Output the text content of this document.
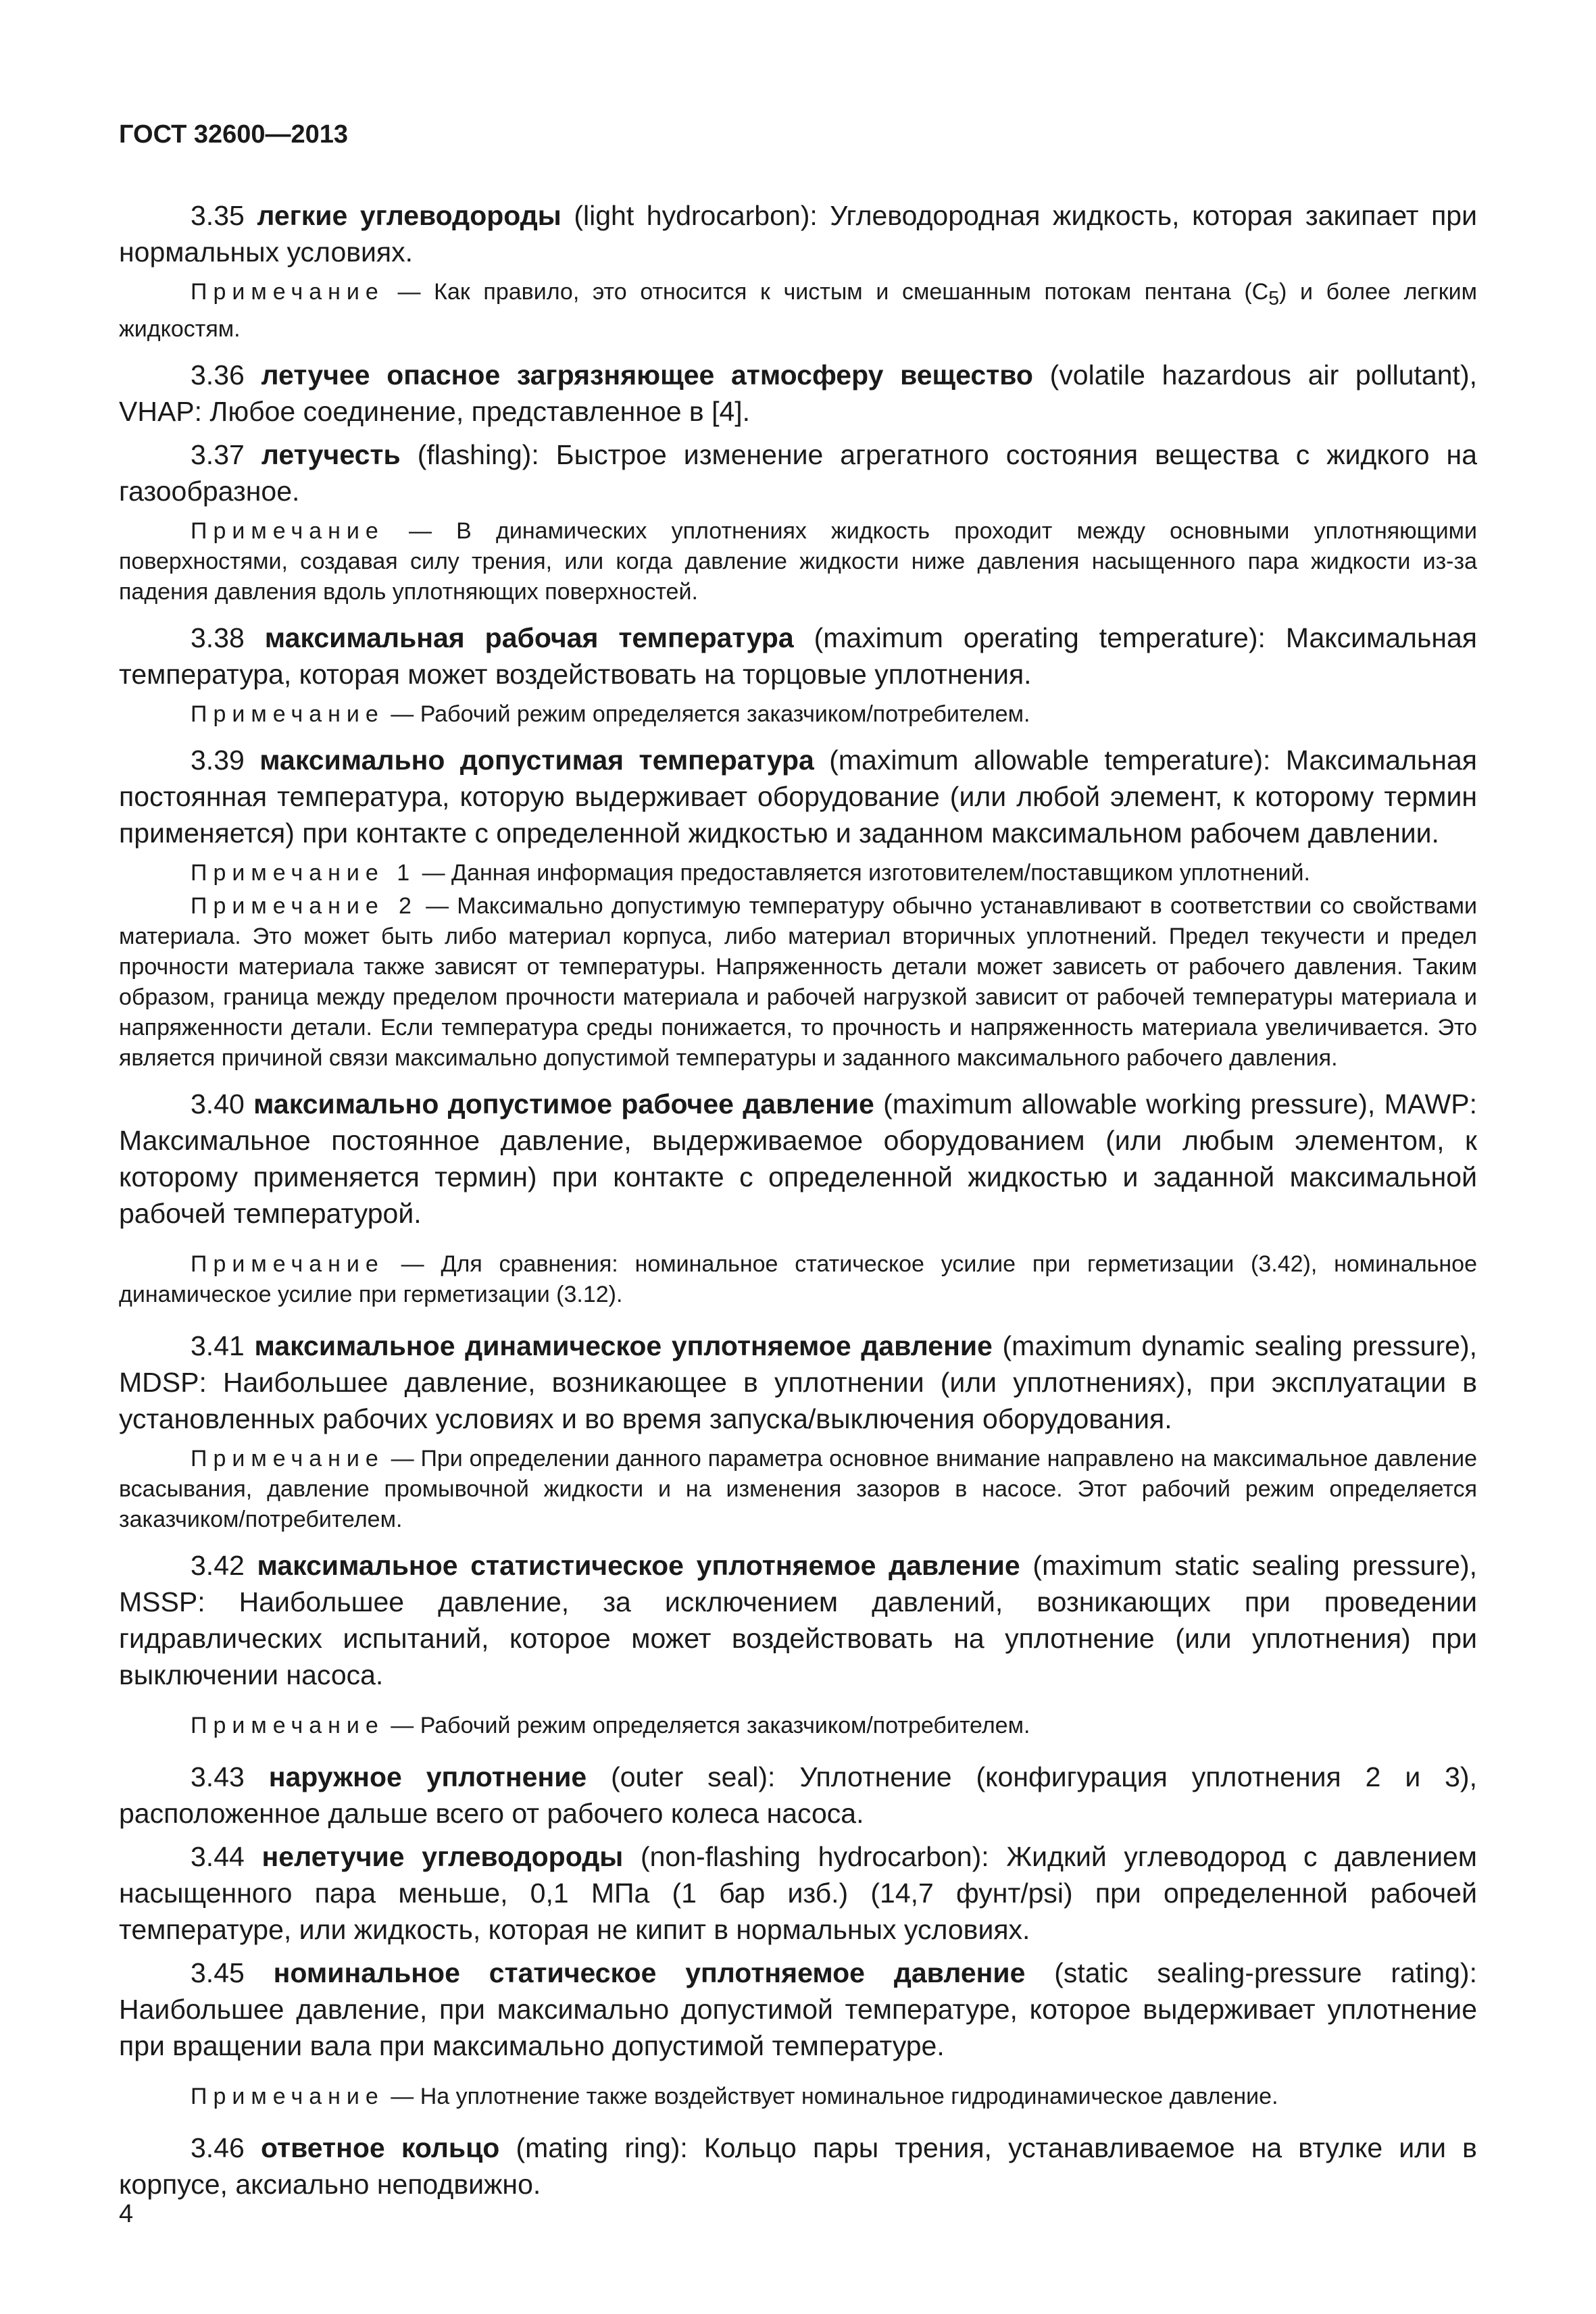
ГОСТ 32600—2013

3.35 легкие углеводороды (light hydrocarbon): Углеводородная жидкость, которая закипает при нормальных условиях.

Примечание — Как правило, это относится к чистым и смешанным потокам пентана $(C_5)$ и более легким жидкостям.

3.36 летучее опасное загрязняющее атмосферу вещество (volatile hazardous air pollutant), VHAP: Любое соединение, представленное в [4].

3.37 летучесть (flashing): Быстрое изменение агрегатного состояния вещества с жидкого на газообразное.

Примечание — В динамических уплотнениях жидкость проходит между основными уплотняющими поверхностями, создавая силу трения, или когда давление жидкости ниже давления насыщенного пара жидкости из-за падения давления вдоль уплотняющих поверхностей.

3.38 максимальная рабочая температура (maximum operating temperature): Максимальная температура, которая может воздействовать на торцовые уплотнения.

Примечание — Рабочий режим определяется заказчиком/потребителем.

3.39 максимально допустимая температура (maximum allowable temperature): Максимальная постоянная температура, которую выдерживает оборудование (или любой элемент, к которому термин применяется) при контакте с определенной жидкостью и заданном максимальном рабочем давлении.

Примечание 1 — Данная информация предоставляется изготовителем/поставщиком уплотнений.

Примечание 2 — Максимально допустимую температуру обычно устанавливают в соответствии со свойствами материала. Это может быть либо материал корпуса, либо материал вторичных уплотнений. Предел текучести и предел прочности материала также зависят от температуры. Напряженность детали может зависеть от рабочего давления. Таким образом, граница между пределом прочности материала и рабочей нагрузкой зависит от рабочей температуры материала и напряженности детали. Если температура среды понижается, то прочность и напряженность материала увеличивается. Это является причиной связи максимально допустимой температуры и заданного максимального рабочего давления.

3.40 максимально допустимое рабочее давление (maximum allowable working pressure), MAWP: Максимальное постоянное давление, выдерживаемое оборудованием (или любым элементом, к которому применяется термин) при контакте с определенной жидкостью и заданной максимальной рабочей температурой.

Примечание — Для сравнения: номинальное статическое усилие при герметизации (3.42), номинальное динамическое усилие при герметизации (3.12).

3.41 максимальное динамическое уплотняемое давление (maximum dynamic sealing pressure), MDSP: Наибольшее давление, возникающее в уплотнении (или уплотнениях), при эксплуатации в установленных рабочих условиях и во время запуска/выключения оборудования.

Примечание — При определении данного параметра основное внимание направлено на максимальное давление всасывания, давление промывочной жидкости и на изменения зазоров в насосе. Этот рабочий режим определяется заказчиком/потребителем.

3.42 максимальное статистическое уплотняемое давление (maximum static sealing pressure), MSSP: Наибольшее давление, за исключением давлений, возникающих при проведении гидравлических испытаний, которое может воздействовать на уплотнение (или уплотнения) при выключении насоса.

Примечание — Рабочий режим определяется заказчиком/потребителем.

3.43 наружное уплотнение (outer seal): Уплотнение (конфигурация уплотнения 2 и 3), расположенное дальше всего от рабочего колеса насоса.

3.44 нелетучие углеводороды (non-flashing hydrocarbon): Жидкий углеводород с давлением насыщенного пара меньше, 0,1 МПа (1 бар изб.) (14,7 фунт/psi) при определенной рабочей температуре, или жидкость, которая не кипит в нормальных условиях.

3.45 номинальное статическое уплотняемое давление (static sealing-pressure rating): Наибольшее давление, при максимально допустимой температуре, которое выдерживает уплотнение при вращении вала при максимально допустимой температуре.

Примечание — На уплотнение также воздействует номинальное гидродинамическое давление.

3.46 ответное кольцо (mating ring): Кольцо пары трения, устанавливаемое на втулке или в корпусе, аксиально неподвижно.

4
